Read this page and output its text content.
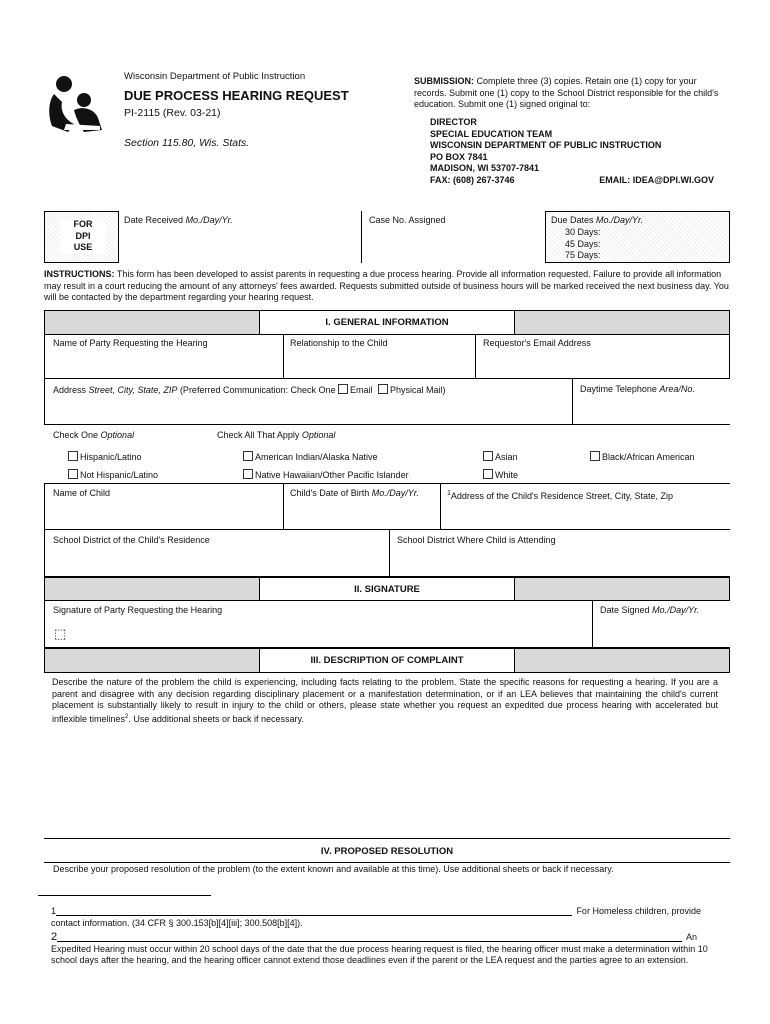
Wisconsin Department of Public Instruction
DUE PROCESS HEARING REQUEST
PI-2115 (Rev. 03-21)
Section 115.80, Wis. Stats.
SUBMISSION: Complete three (3) copies. Retain one (1) copy for your records. Submit one (1) copy to the School District responsible for the child's education. Submit one (1) signed original to:
DIRECTOR
SPECIAL EDUCATION TEAM
WISCONSIN DEPARTMENT OF PUBLIC INSTRUCTION
PO BOX 7841
MADISON, WI 53707-7841
FAX: (608) 267-3746	EMAIL: IDEA@DPI.WI.GOV
FOR
DPI
USE
Date Received Mo./Day/Yr.	Case No. Assigned	Due Dates Mo./Day/Yr.
30 Days:
45 Days:
75 Days:
INSTRUCTIONS: This form has been developed to assist parents in requesting a due process hearing. Provide all information requested. Failure to provide all information may result in a court reducing the amount of any attorneys' fees awarded. Requests submitted outside of business hours will be marked received the next business day. You will be contacted by the department regarding your hearing request.
I. GENERAL INFORMATION
Name of Party Requesting the Hearing	Relationship to the Child	Requestor's Email Address
Address Street, City, State, ZIP (Preferred Communication: Check One Email Physical Mail)	Daytime Telephone Area/No.
Check One Optional	Check All That Apply Optional
Hispanic/Latino
Not Hispanic/Latino
American Indian/Alaska Native
Native Hawaiian/Other Pacific Islander
Asian
White
Black/African American
Name of Child	Child's Date of Birth Mo./Day/Yr.	$^1$Address of the Child's Residence Street, City, State, Zip
School District of the Child's Residence	School District Where Child is Attending
II. SIGNATURE
Signature of Party Requesting the Hearing
⬚
Date Signed Mo./Day/Yr.
III. DESCRIPTION OF COMPLAINT
Describe the nature of the problem the child is experiencing, including facts relating to the problem. State the specific reasons for requesting a hearing. If you are a parent and disagree with any decision regarding disciplinary placement or a manifestation determination, or if an LEA believes that maintaining the child's current placement is substantially likely to result in injury to the child or others, please state whether you request an expedited due process hearing with accelerated but inflexible timelines$^2$. Use additional sheets or back if necessary.
IV. PROPOSED RESOLUTION
Describe your proposed resolution of the problem (to the extent known and available at this time). Use additional sheets or back if necessary.
1	For Homeless children, provide
contact information. (34 CFR § 300.153[b][4][iii]; 300.508[b][4]).
2	An
Expedited Hearing must occur within 20 school days of the date that the due process hearing request is filed, the hearing officer must make a determination within 10 school days after the hearing, and the hearing officer cannot extend those deadlines even if the parent or the LEA request and the parties agree to an extension.
